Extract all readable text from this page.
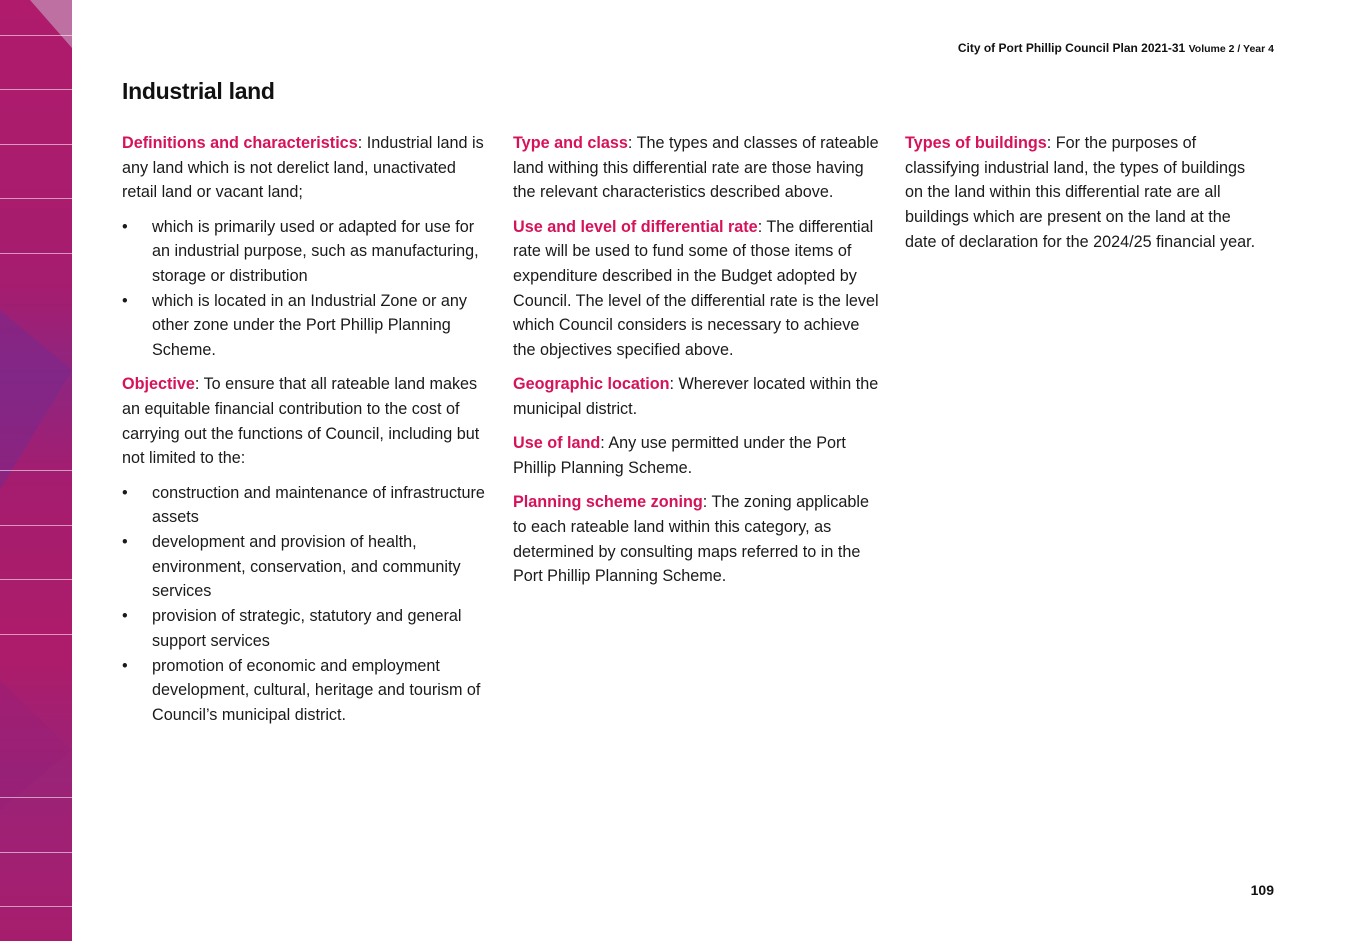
City of Port Phillip Council Plan 2021-31 Volume 2 / Year 4
Industrial land

Definitions and characteristics: Industrial land is any land which is not derelict land, unactivated retail land or vacant land;

• which is primarily used or adapted for use for an industrial purpose, such as manufacturing, storage or distribution
• which is located in an Industrial Zone or any other zone under the Port Phillip Planning Scheme.

Objective: To ensure that all rateable land makes an equitable financial contribution to the cost of carrying out the functions of Council, including but not limited to the:

• construction and maintenance of infrastructure assets
• development and provision of health, environment, conservation, and community services
• provision of strategic, statutory and general support services
• promotion of economic and employment development, cultural, heritage and tourism of Council’s municipal district.

Type and class: The types and classes of rateable land withing this differential rate are those having the relevant characteristics described above.

Use and level of differential rate: The differential rate will be used to fund some of those items of expenditure described in the Budget adopted by Council. The level of the differential rate is the level which Council considers is necessary to achieve the objectives specified above.

Geographic location: Wherever located within the municipal district.

Use of land: Any use permitted under the Port Phillip Planning Scheme.

Planning scheme zoning: The zoning applicable to each rateable land within this category, as determined by consulting maps referred to in the Port Phillip Planning Scheme.

Types of buildings: For the purposes of classifying industrial land, the types of buildings on the land within this differential rate are all buildings which are present on the land at the date of declaration for the 2024/25 financial year.

109
